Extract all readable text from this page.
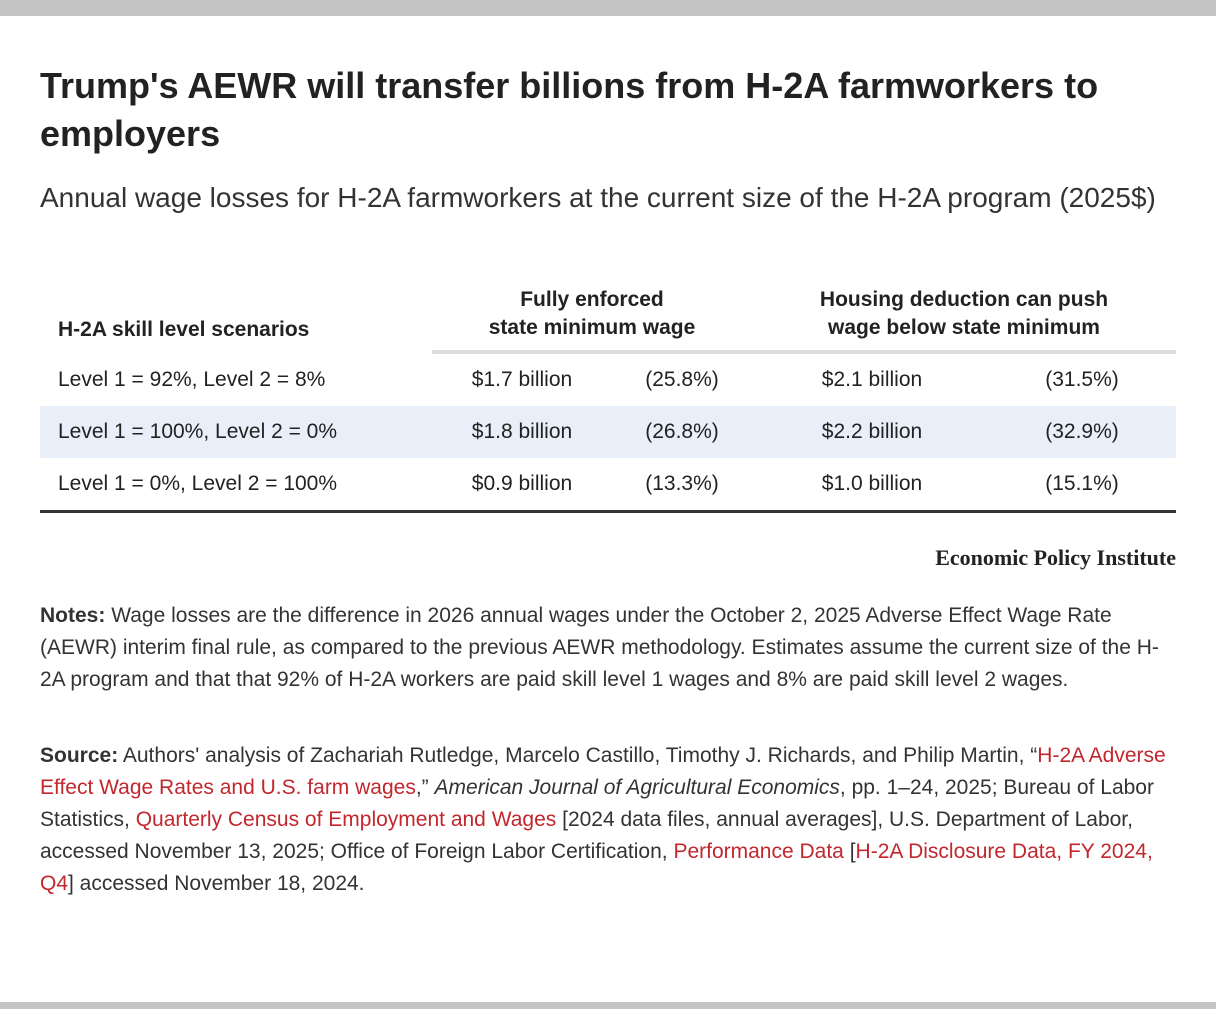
Trump's AEWR will transfer billions from H-2A farmworkers to employers

Annual wage losses for H-2A farmworkers at the current size of the H-2A program (2025$)

H-2A skill level scenarios
Fully enforced
state minimum wage
Housing deduction can push
wage below state minimum
Level 1 = 92%, Level 2 = 8%	$1.7 billion	(25.8%)	$2.1 billion	(31.5%)
Level 1 = 100%, Level 2 = 0%	$1.8 billion	(26.8%)	$2.2 billion	(32.9%)
Level 1 = 0%, Level 2 = 100%	$0.9 billion	(13.3%)	$1.0 billion	(15.1%)
Economic Policy Institute

Notes: Wage losses are the difference in 2026 annual wages under the October 2, 2025 Adverse Effect Wage Rate (AEWR) interim final rule, as compared to the previous AEWR methodology. Estimates assume the current size of the H-2A program and that that 92% of H-2A workers are paid skill level 1 wages and 8% are paid skill level 2 wages.

Source: Authors' analysis of Zachariah Rutledge, Marcelo Castillo, Timothy J. Richards, and Philip Martin, “H-2A Adverse Effect Wage Rates and U.S. farm wages,” American Journal of Agricultural Economics, pp. 1–24, 2025; Bureau of Labor Statistics, Quarterly Census of Employment and Wages [2024 data files, annual averages], U.S. Department of Labor, accessed November 13, 2025; Office of Foreign Labor Certification, Performance Data [H-2A Disclosure Data, FY 2024, Q4] accessed November 18, 2024.
